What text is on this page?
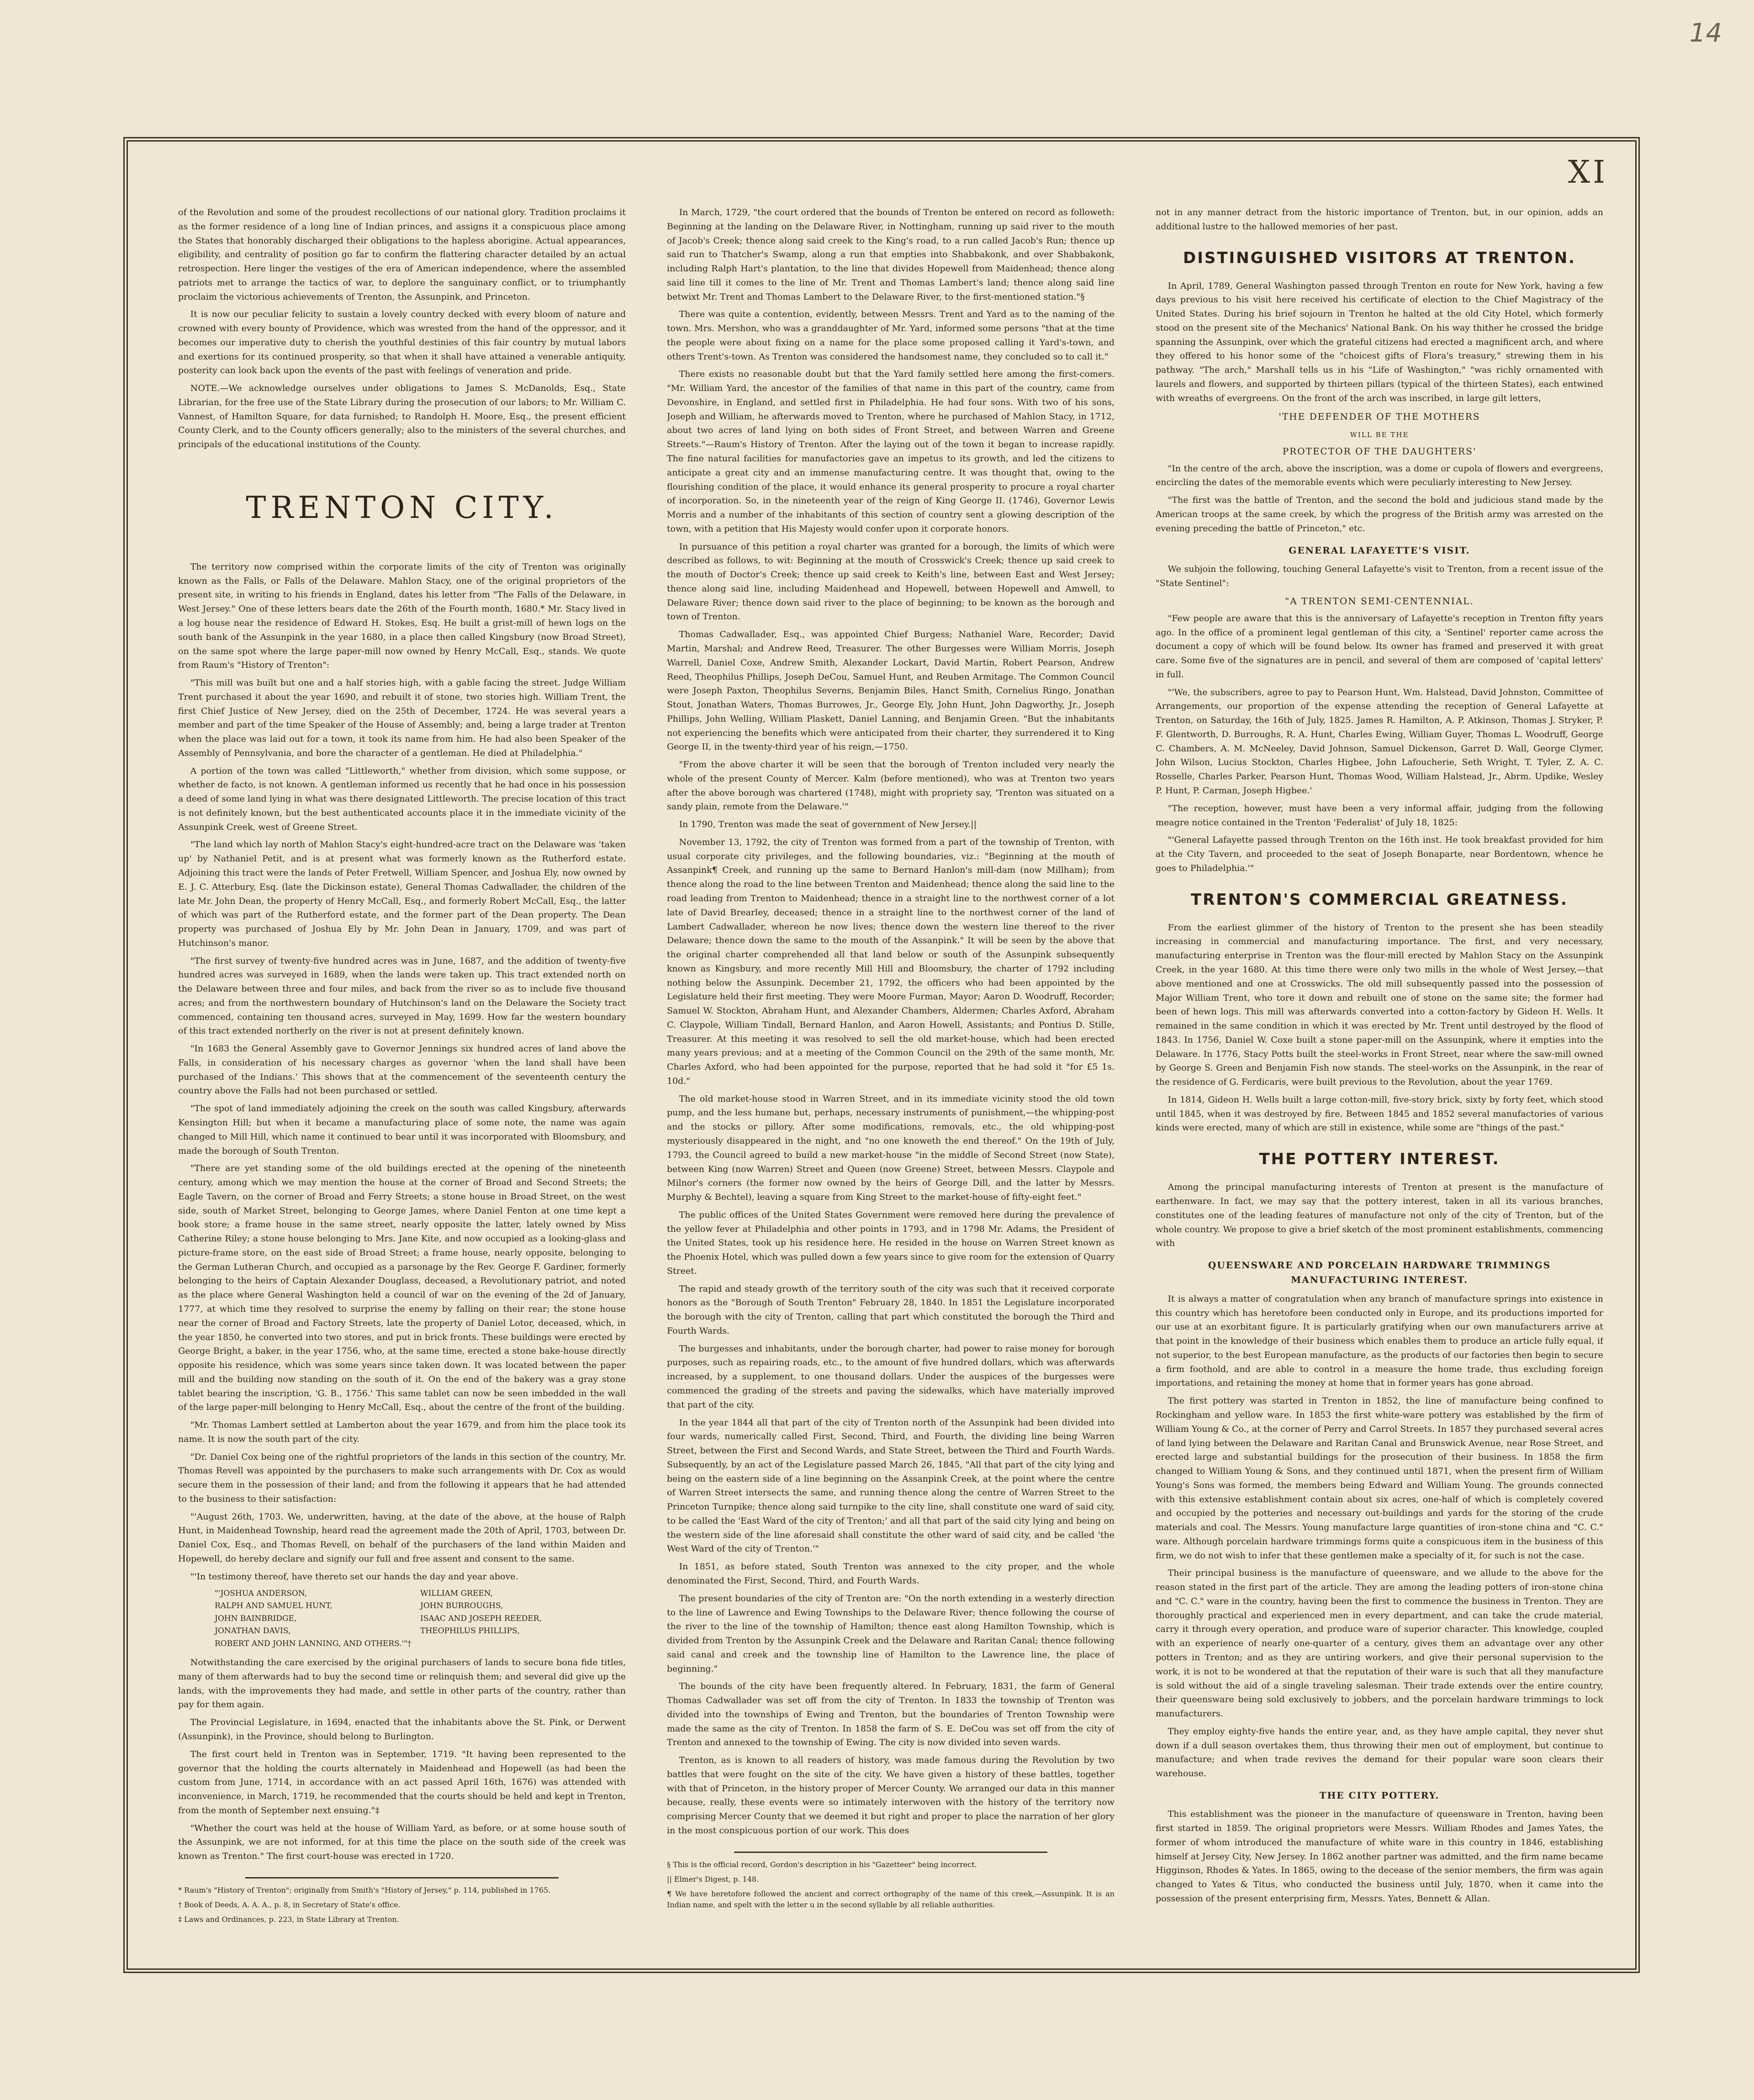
14
XI

of the Revolution and some of the proudest recollections of our national glory. Tradition proclaims it as the former residence of a long line of Indian princes, and assigns it a conspicuous place among the States that honorably discharged their obligations to the hapless aborigine. Actual appearances, eligibility, and centrality of position go far to confirm the flattering character detailed by an actual retrospection. Here linger the vestiges of the era of American independence, where the assembled patriots met to arrange the tactics of war, to deplore the sanguinary conflict, or to triumphantly proclaim the victorious achievements of Trenton, the Assunpink, and Princeton.

It is now our peculiar felicity to sustain a lovely country decked with every bloom of nature and crowned with every bounty of Providence, which was wrested from the hand of the oppressor, and it becomes our imperative duty to cherish the youthful destinies of this fair country by mutual labors and exertions for its continued prosperity, so that when it shall have attained a venerable antiquity, posterity can look back upon the events of the past with feelings of veneration and pride.

NOTE.—We acknowledge ourselves under obligations to James S. McDanolds, Esq., State Librarian, for the free use of the State Library during the prosecution of our labors; to Mr. William C. Vannest, of Hamilton Square, for data furnished; to Randolph H. Moore, Esq., the present efficient County Clerk, and to the County officers generally; also to the ministers of the several churches, and principals of the educational institutions of the County.

TRENTON CITY.

The territory now comprised within the corporate limits of the city of Trenton was originally known as the Falls, or Falls of the Delaware. Mahlon Stacy, one of the original proprietors of the present site, in writing to his friends in England, dates his letter from "The Falls of the Delaware, in West Jersey." One of these letters bears date the 26th of the Fourth month, 1680.* Mr. Stacy lived in a log house near the residence of Edward H. Stokes, Esq. He built a grist-mill of hewn logs on the south bank of the Assunpink in the year 1680, in a place then called Kingsbury (now Broad Street), on the same spot where the large paper-mill now owned by Henry McCall, Esq., stands. We quote from Raum's "History of Trenton":

"This mill was built but one and a half stories high, with a gable facing the street. Judge William Trent purchased it about the year 1690, and rebuilt it of stone, two stories high. William Trent, the first Chief Justice of New Jersey, died on the 25th of December, 1724. He was several years a member and part of the time Speaker of the House of Assembly; and, being a large trader at Trenton when the place was laid out for a town, it took its name from him. He had also been Speaker of the Assembly of Pennsylvania, and bore the character of a gentleman. He died at Philadelphia."

A portion of the town was called "Littleworth," whether from division, which some suppose, or whether de facto, is not known. A gentleman informed us recently that he had once in his possession a deed of some land lying in what was there designated Littleworth. The precise location of this tract is not definitely known, but the best authenticated accounts place it in the immediate vicinity of the Assunpink Creek, west of Greene Street.

"The land which lay north of Mahlon Stacy's eight-hundred-acre tract on the Delaware was 'taken up' by Nathaniel Petit, and is at present what was formerly known as the Rutherford estate. Adjoining this tract were the lands of Peter Fretwell, William Spencer, and Joshua Ely, now owned by E. J. C. Atterbury, Esq. (late the Dickinson estate), General Thomas Cadwallader, the children of the late Mr. John Dean, the property of Henry McCall, Esq., and formerly Robert McCall, Esq., the latter of which was part of the Rutherford estate, and the former part of the Dean property. The Dean property was purchased of Joshua Ely by Mr. John Dean in January, 1709, and was part of Hutchinson's manor.

"The first survey of twenty-five hundred acres was in June, 1687, and the addition of twenty-five hundred acres was surveyed in 1689, when the lands were taken up. This tract extended north on the Delaware between three and four miles, and back from the river so as to include five thousand acres; and from the northwestern boundary of Hutchinson's land on the Delaware the Society tract commenced, containing ten thousand acres, surveyed in May, 1699. How far the western boundary of this tract extended northerly on the river is not at present definitely known.

"In 1683 the General Assembly gave to Governor Jennings six hundred acres of land above the Falls, in consideration of his necessary charges as governor 'when the land shall have been purchased of the Indians.' This shows that at the commencement of the seventeenth century the country above the Falls had not been purchased or settled.

"The spot of land immediately adjoining the creek on the south was called Kingsbury, afterwards Kensington Hill; but when it became a manufacturing place of some note, the name was again changed to Mill Hill, which name it continued to bear until it was incorporated with Bloomsbury, and made the borough of South Trenton.

"There are yet standing some of the old buildings erected at the opening of the nineteenth century, among which we may mention the house at the corner of Broad and Second Streets; the Eagle Tavern, on the corner of Broad and Ferry Streets; a stone house in Broad Street, on the west side, south of Market Street, belonging to George James, where Daniel Fenton at one time kept a book store; a frame house in the same street, nearly opposite the latter, lately owned by Miss Catherine Riley; a stone house belonging to Mrs. Jane Kite, and now occupied as a looking-glass and picture-frame store, on the east side of Broad Street; a frame house, nearly opposite, belonging to the German Lutheran Church, and occupied as a parsonage by the Rev. George F. Gardiner, formerly belonging to the heirs of Captain Alexander Douglass, deceased, a Revolutionary patriot, and noted as the place where General Washington held a council of war on the evening of the 2d of January, 1777, at which time they resolved to surprise the enemy by falling on their rear; the stone house near the corner of Broad and Factory Streets, late the property of Daniel Lotor, deceased, which, in the year 1850, he converted into two stores, and put in brick fronts. These buildings were erected by George Bright, a baker, in the year 1756, who, at the same time, erected a stone bake-house directly opposite his residence, which was some years since taken down. It was located between the paper mill and the building now standing on the south of it. On the end of the bakery was a gray stone tablet bearing the inscription, 'G. B., 1756.' This same tablet can now be seen imbedded in the wall of the large paper-mill belonging to Henry McCall, Esq., about the centre of the front of the building.

"Mr. Thomas Lambert settled at Lamberton about the year 1679, and from him the place took its name. It is now the south part of the city.

"Dr. Daniel Cox being one of the rightful proprietors of the lands in this section of the country, Mr. Thomas Revell was appointed by the purchasers to make such arrangements with Dr. Cox as would secure them in the possession of their land; and from the following it appears that he had attended to the business to their satisfaction:

"'August 26th, 1703. We, underwritten, having, at the date of the above, at the house of Ralph Hunt, in Maidenhead Township, heard read the agreement made the 20th of April, 1703, between Dr. Daniel Cox, Esq., and Thomas Revell, on behalf of the purchasers of the land within Maiden and Hopewell, do hereby declare and signify our full and free assent and consent to the same.

"'In testimony thereof, have thereto set our hands the day and year above.

"'JOSHUA ANDERSON,	WILLIAM GREEN,
RALPH AND SAMUEL HUNT,	JOHN BURROUGHS,
JOHN BAINBRIDGE,	ISAAC AND JOSEPH REEDER,
JONATHAN DAVIS,	THEOPHILUS PHILLIPS,
ROBERT AND JOHN LANNING, AND OTHERS.'"†

Notwithstanding the care exercised by the original purchasers of lands to secure bona fide titles, many of them afterwards had to buy the second time or relinquish them; and several did give up the lands, with the improvements they had made, and settle in other parts of the country, rather than pay for them again.

The Provincial Legislature, in 1694, enacted that the inhabitants above the St. Pink, or Derwent (Assunpink), in the Province, should belong to Burlington.

The first court held in Trenton was in September, 1719. "It having been represented to the governor that the holding the courts alternately in Maidenhead and Hopewell (as had been the custom from June, 1714, in accordance with an act passed April 16th, 1676) was attended with inconvenience, in March, 1719, he recommended that the courts should be held and kept in Trenton, from the month of September next ensuing."‡

"Whether the court was held at the house of William Yard, as before, or at some house south of the Assunpink, we are not informed, for at this time the place on the south side of the creek was known as Trenton." The first court-house was erected in 1720.

* Raum's "History of Trenton"; originally from Smith's "History of Jersey," p. 114, published in 1765.

† Book of Deeds, A. A. A., p. 8, in Secretary of State's office.

‡ Laws and Ordinances, p. 223, in State Library at Trenton.

In March, 1729, "the court ordered that the bounds of Trenton be entered on record as followeth: Beginning at the landing on the Delaware River, in Nottingham, running up said river to the mouth of Jacob's Creek; thence along said creek to the King's road, to a run called Jacob's Run; thence up said run to Thatcher's Swamp, along a run that empties into Shabbakonk, and over Shabbakonk, including Ralph Hart's plantation, to the line that divides Hopewell from Maidenhead; thence along said line till it comes to the line of Mr. Trent and Thomas Lambert's land; thence along said line betwixt Mr. Trent and Thomas Lambert to the Delaware River, to the first-mentioned station."§

There was quite a contention, evidently, between Messrs. Trent and Yard as to the naming of the town. Mrs. Mershon, who was a granddaughter of Mr. Yard, informed some persons "that at the time the people were about fixing on a name for the place some proposed calling it Yard's-town, and others Trent's-town. As Trenton was considered the handsomest name, they concluded so to call it."

There exists no reasonable doubt but that the Yard family settled here among the first-comers. "Mr. William Yard, the ancestor of the families of that name in this part of the country, came from Devonshire, in England, and settled first in Philadelphia. He had four sons. With two of his sons, Joseph and William, he afterwards moved to Trenton, where he purchased of Mahlon Stacy, in 1712, about two acres of land lying on both sides of Front Street, and between Warren and Greene Streets."—Raum's History of Trenton. After the laying out of the town it began to increase rapidly. The fine natural facilities for manufactories gave an impetus to its growth, and led the citizens to anticipate a great city and an immense manufacturing centre. It was thought that, owing to the flourishing condition of the place, it would enhance its general prosperity to procure a royal charter of incorporation. So, in the nineteenth year of the reign of King George II. (1746), Governor Lewis Morris and a number of the inhabitants of this section of country sent a glowing description of the town, with a petition that His Majesty would confer upon it corporate honors.

In pursuance of this petition a royal charter was granted for a borough, the limits of which were described as follows, to wit: Beginning at the mouth of Crosswick's Creek; thence up said creek to the mouth of Doctor's Creek; thence up said creek to Keith's line, between East and West Jersey; thence along said line, including Maidenhead and Hopewell, between Hopewell and Amwell, to Delaware River; thence down said river to the place of beginning; to be known as the borough and town of Trenton.

Thomas Cadwallader, Esq., was appointed Chief Burgess; Nathaniel Ware, Recorder; David Martin, Marshal; and Andrew Reed, Treasurer. The other Burgesses were William Morris, Joseph Warrell, Daniel Coxe, Andrew Smith, Alexander Lockart, David Martin, Robert Pearson, Andrew Reed, Theophilus Phillips, Joseph DeCou, Samuel Hunt, and Reuben Armitage. The Common Council were Joseph Paxton, Theophilus Severns, Benjamin Biles, Hanct Smith, Cornelius Ringo, Jonathan Stout, Jonathan Waters, Thomas Burrowes, Jr., George Ely, John Hunt, John Dagworthy, Jr., Joseph Phillips, John Welling, William Plaskett, Daniel Lanning, and Benjamin Green. "But the inhabitants not experiencing the benefits which were anticipated from their charter, they surrendered it to King George II, in the twenty-third year of his reign,—1750.

"From the above charter it will be seen that the borough of Trenton included very nearly the whole of the present County of Mercer. Kalm (before mentioned), who was at Trenton two years after the above borough was chartered (1748), might with propriety say, 'Trenton was situated on a sandy plain, remote from the Delaware.'"

In 1790, Trenton was made the seat of government of New Jersey.||

November 13, 1792, the city of Trenton was formed from a part of the township of Trenton, with usual corporate city privileges, and the following boundaries, viz.: "Beginning at the mouth of Assanpink¶ Creek, and running up the same to Bernard Hanlon's mill-dam (now Millham); from thence along the road to the line between Trenton and Maidenhead; thence along the said line to the road leading from Trenton to Maidenhead; thence in a straight line to the northwest corner of a lot late of David Brearley, deceased; thence in a straight line to the northwest corner of the land of Lambert Cadwallader, whereon he now lives; thence down the western line thereof to the river Delaware; thence down the same to the mouth of the Assanpink." It will be seen by the above that the original charter comprehended all that land below or south of the Assunpink subsequently known as Kingsbury, and more recently Mill Hill and Bloomsbury, the charter of 1792 including nothing below the Assunpink. December 21, 1792, the officers who had been appointed by the Legislature held their first meeting. They were Moore Furman, Mayor; Aaron D. Woodruff, Recorder; Samuel W. Stockton, Abraham Hunt, and Alexander Chambers, Aldermen; Charles Axford, Abraham C. Claypole, William Tindall, Bernard Hanlon, and Aaron Howell, Assistants; and Pontius D. Stille, Treasurer. At this meeting it was resolved to sell the old market-house, which had been erected many years previous; and at a meeting of the Common Council on the 29th of the same month, Mr. Charles Axford, who had been appointed for the purpose, reported that he had sold it "for £5 1s. 10d."

The old market-house stood in Warren Street, and in its immediate vicinity stood the old town pump, and the less humane but, perhaps, necessary instruments of punishment,—the whipping-post and the stocks or pillory. After some modifications, removals, etc., the old whipping-post mysteriously disappeared in the night, and "no one knoweth the end thereof." On the 19th of July, 1793, the Council agreed to build a new market-house "in the middle of Second Street (now State), between King (now Warren) Street and Queen (now Greene) Street, between Messrs. Claypole and Milnor's corners (the former now owned by the heirs of George Dill, and the latter by Messrs. Murphy & Bechtel), leaving a square from King Street to the market-house of fifty-eight feet."

The public offices of the United States Government were removed here during the prevalence of the yellow fever at Philadelphia and other points in 1793, and in 1798 Mr. Adams, the President of the United States, took up his residence here. He resided in the house on Warren Street known as the Phoenix Hotel, which was pulled down a few years since to give room for the extension of Quarry Street.

The rapid and steady growth of the territory south of the city was such that it received corporate honors as the "Borough of South Trenton" February 28, 1840. In 1851 the Legislature incorporated the borough with the city of Trenton, calling that part which constituted the borough the Third and Fourth Wards.

The burgesses and inhabitants, under the borough charter, had power to raise money for borough purposes, such as repairing roads, etc., to the amount of five hundred dollars, which was afterwards increased, by a supplement, to one thousand dollars. Under the auspices of the burgesses were commenced the grading of the streets and paving the sidewalks, which have materially improved that part of the city.

In the year 1844 all that part of the city of Trenton north of the Assunpink had been divided into four wards, numerically called First, Second, Third, and Fourth, the dividing line being Warren Street, between the First and Second Wards, and State Street, between the Third and Fourth Wards. Subsequently, by an act of the Legislature passed March 26, 1845, "All that part of the city lying and being on the eastern side of a line beginning on the Assanpink Creek, at the point where the centre of Warren Street intersects the same, and running thence along the centre of Warren Street to the Princeton Turnpike; thence along said turnpike to the city line, shall constitute one ward of said city, to be called the 'East Ward of the city of Trenton;' and all that part of the said city lying and being on the western side of the line aforesaid shall constitute the other ward of said city, and be called 'the West Ward of the city of Trenton.'"

In 1851, as before stated, South Trenton was annexed to the city proper, and the whole denominated the First, Second, Third, and Fourth Wards.

The present boundaries of the city of Trenton are: "On the north extending in a westerly direction to the line of Lawrence and Ewing Townships to the Delaware River; thence following the course of the river to the line of the township of Hamilton; thence east along Hamilton Township, which is divided from Trenton by the Assunpink Creek and the Delaware and Raritan Canal; thence following said canal and creek and the township line of Hamilton to the Lawrence line, the place of beginning."

The bounds of the city have been frequently altered. In February, 1831, the farm of General Thomas Cadwallader was set off from the city of Trenton. In 1833 the township of Trenton was divided into the townships of Ewing and Trenton, but the boundaries of Trenton Township were made the same as the city of Trenton. In 1858 the farm of S. E. DeCou was set off from the city of Trenton and annexed to the township of Ewing. The city is now divided into seven wards.

Trenton, as is known to all readers of history, was made famous during the Revolution by two battles that were fought on the site of the city. We have given a history of these battles, together with that of Princeton, in the history proper of Mercer County. We arranged our data in this manner because, really, these events were so intimately interwoven with the history of the territory now comprising Mercer County that we deemed it but right and proper to place the narration of her glory in the most conspicuous portion of our work. This does

§ This is the official record, Gordon's description in his "Gazetteer" being incorrect.

|| Elmer's Digest, p. 148.

¶ We have heretofore followed the ancient and correct orthography of the name of this creek,—Assunpink. It is an Indian name, and spelt with the letter u in the second syllable by all reliable authorities.

not in any manner detract from the historic importance of Trenton, but, in our opinion, adds an additional lustre to the hallowed memories of her past.

DISTINGUISHED VISITORS AT TRENTON.

In April, 1789, General Washington passed through Trenton en route for New York, having a few days previous to his visit here received his certificate of election to the Chief Magistracy of the United States. During his brief sojourn in Trenton he halted at the old City Hotel, which formerly stood on the present site of the Mechanics' National Bank. On his way thither he crossed the bridge spanning the Assunpink, over which the grateful citizens had erected a magnificent arch, and where they offered to his honor some of the "choicest gifts of Flora's treasury," strewing them in his pathway. "The arch," Marshall tells us in his "Life of Washington," "was richly ornamented with laurels and flowers, and supported by thirteen pillars (typical of the thirteen States), each entwined with wreaths of evergreens. On the front of the arch was inscribed, in large gilt letters,

'THE DEFENDER OF THE MOTHERS
WILL BE THE
PROTECTOR OF THE DAUGHTERS'

"In the centre of the arch, above the inscription, was a dome or cupola of flowers and evergreens, encircling the dates of the memorable events which were peculiarly interesting to New Jersey.

"The first was the battle of Trenton, and the second the bold and judicious stand made by the American troops at the same creek, by which the progress of the British army was arrested on the evening preceding the battle of Princeton," etc.

GENERAL LAFAYETTE'S VISIT.

We subjoin the following, touching General Lafayette's visit to Trenton, from a recent issue of the "State Sentinel":

"A TRENTON SEMI-CENTENNIAL.

"Few people are aware that this is the anniversary of Lafayette's reception in Trenton fifty years ago. In the office of a prominent legal gentleman of this city, a 'Sentinel' reporter came across the document a copy of which will be found below. Its owner has framed and preserved it with great care. Some five of the signatures are in pencil, and several of them are composed of 'capital letters' in full.

"'We, the subscribers, agree to pay to Pearson Hunt, Wm. Halstead, David Johnston, Committee of Arrangements, our proportion of the expense attending the reception of General Lafayette at Trenton, on Saturday, the 16th of July, 1825. James R. Hamilton, A. P. Atkinson, Thomas J. Stryker, P. F. Glentworth, D. Burroughs, R. A. Hunt, Charles Ewing, William Guyer, Thomas L. Woodruff, George C. Chambers, A. M. McNeeley, David Johnson, Samuel Dickenson, Garret D. Wall, George Clymer, John Wilson, Lucius Stockton, Charles Higbee, John Lafoucherie, Seth Wright, T. Tyler, Z. A. C. Rosselle, Charles Parker, Pearson Hunt, Thomas Wood, William Halstead, Jr., Abrm. Updike, Wesley P. Hunt, P. Carman, Joseph Higbee.'

"The reception, however, must have been a very informal affair, judging from the following meagre notice contained in the Trenton 'Federalist' of July 18, 1825:

"'General Lafayette passed through Trenton on the 16th inst. He took breakfast provided for him at the City Tavern, and proceeded to the seat of Joseph Bonaparte, near Bordentown, whence he goes to Philadelphia.'"

TRENTON'S COMMERCIAL GREATNESS.

From the earliest glimmer of the history of Trenton to the present she has been steadily increasing in commercial and manufacturing importance. The first, and very necessary, manufacturing enterprise in Trenton was the flour-mill erected by Mahlon Stacy on the Assunpink Creek, in the year 1680. At this time there were only two mills in the whole of West Jersey,—that above mentioned and one at Crosswicks. The old mill subsequently passed into the possession of Major William Trent, who tore it down and rebuilt one of stone on the same site; the former had been of hewn logs. This mill was afterwards converted into a cotton-factory by Gideon H. Wells. It remained in the same condition in which it was erected by Mr. Trent until destroyed by the flood of 1843. In 1756, Daniel W. Coxe built a stone paper-mill on the Assunpink, where it empties into the Delaware. In 1776, Stacy Potts built the steel-works in Front Street, near where the saw-mill owned by George S. Green and Benjamin Fish now stands. The steel-works on the Assunpink, in the rear of the residence of G. Ferdicaris, were built previous to the Revolution, about the year 1769.

In 1814, Gideon H. Wells built a large cotton-mill, five-story brick, sixty by forty feet, which stood until 1845, when it was destroyed by fire. Between 1845 and 1852 several manufactories of various kinds were erected, many of which are still in existence, while some are "things of the past."

THE POTTERY INTEREST.

Among the principal manufacturing interests of Trenton at present is the manufacture of earthenware. In fact, we may say that the pottery interest, taken in all its various branches, constitutes one of the leading features of manufacture not only of the city of Trenton, but of the whole country. We propose to give a brief sketch of the most prominent establishments, commencing with

QUEENSWARE AND PORCELAIN HARDWARE TRIMMINGS MANUFACTURING INTEREST.

It is always a matter of congratulation when any branch of manufacture springs into existence in this country which has heretofore been conducted only in Europe, and its productions imported for our use at an exorbitant figure. It is particularly gratifying when our own manufacturers arrive at that point in the knowledge of their business which enables them to produce an article fully equal, if not superior, to the best European manufacture, as the products of our factories then begin to secure a firm foothold, and are able to control in a measure the home trade, thus excluding foreign importations, and retaining the money at home that in former years has gone abroad.

The first pottery was started in Trenton in 1852, the line of manufacture being confined to Rockingham and yellow ware. In 1853 the first white-ware pottery was established by the firm of William Young & Co., at the corner of Perry and Carrol Streets. In 1857 they purchased several acres of land lying between the Delaware and Raritan Canal and Brunswick Avenue, near Rose Street, and erected large and substantial buildings for the prosecution of their business. In 1858 the firm changed to William Young & Sons, and they continued until 1871, when the present firm of William Young's Sons was formed, the members being Edward and William Young. The grounds connected with this extensive establishment contain about six acres, one-half of which is completely covered and occupied by the potteries and necessary out-buildings and yards for the storing of the crude materials and coal. The Messrs. Young manufacture large quantities of iron-stone china and "C. C." ware. Although porcelain hardware trimmings forms quite a conspicuous item in the business of this firm, we do not wish to infer that these gentlemen make a specialty of it, for such is not the case.

Their principal business is the manufacture of queensware, and we allude to the above for the reason stated in the first part of the article. They are among the leading potters of iron-stone china and "C. C." ware in the country, having been the first to commence the business in Trenton. They are thoroughly practical and experienced men in every department, and can take the crude material, carry it through every operation, and produce ware of superior character. This knowledge, coupled with an experience of nearly one-quarter of a century, gives them an advantage over any other potters in Trenton; and as they are untiring workers, and give their personal supervision to the work, it is not to be wondered at that the reputation of their ware is such that all they manufacture is sold without the aid of a single traveling salesman. Their trade extends over the entire country, their queensware being sold exclusively to jobbers, and the porcelain hardware trimmings to lock manufacturers.

They employ eighty-five hands the entire year, and, as they have ample capital, they never shut down if a dull season overtakes them, thus throwing their men out of employment, but continue to manufacture; and when trade revives the demand for their popular ware soon clears their warehouse.

THE CITY POTTERY.

This establishment was the pioneer in the manufacture of queensware in Trenton, having been first started in 1859. The original proprietors were Messrs. William Rhodes and James Yates, the former of whom introduced the manufacture of white ware in this country in 1846, establishing himself at Jersey City, New Jersey. In 1862 another partner was admitted, and the firm name became Higginson, Rhodes & Yates. In 1865, owing to the decease of the senior members, the firm was again changed to Yates & Titus, who conducted the business until July, 1870, when it came into the possession of the present enterprising firm, Messrs. Yates, Bennett & Allan.
